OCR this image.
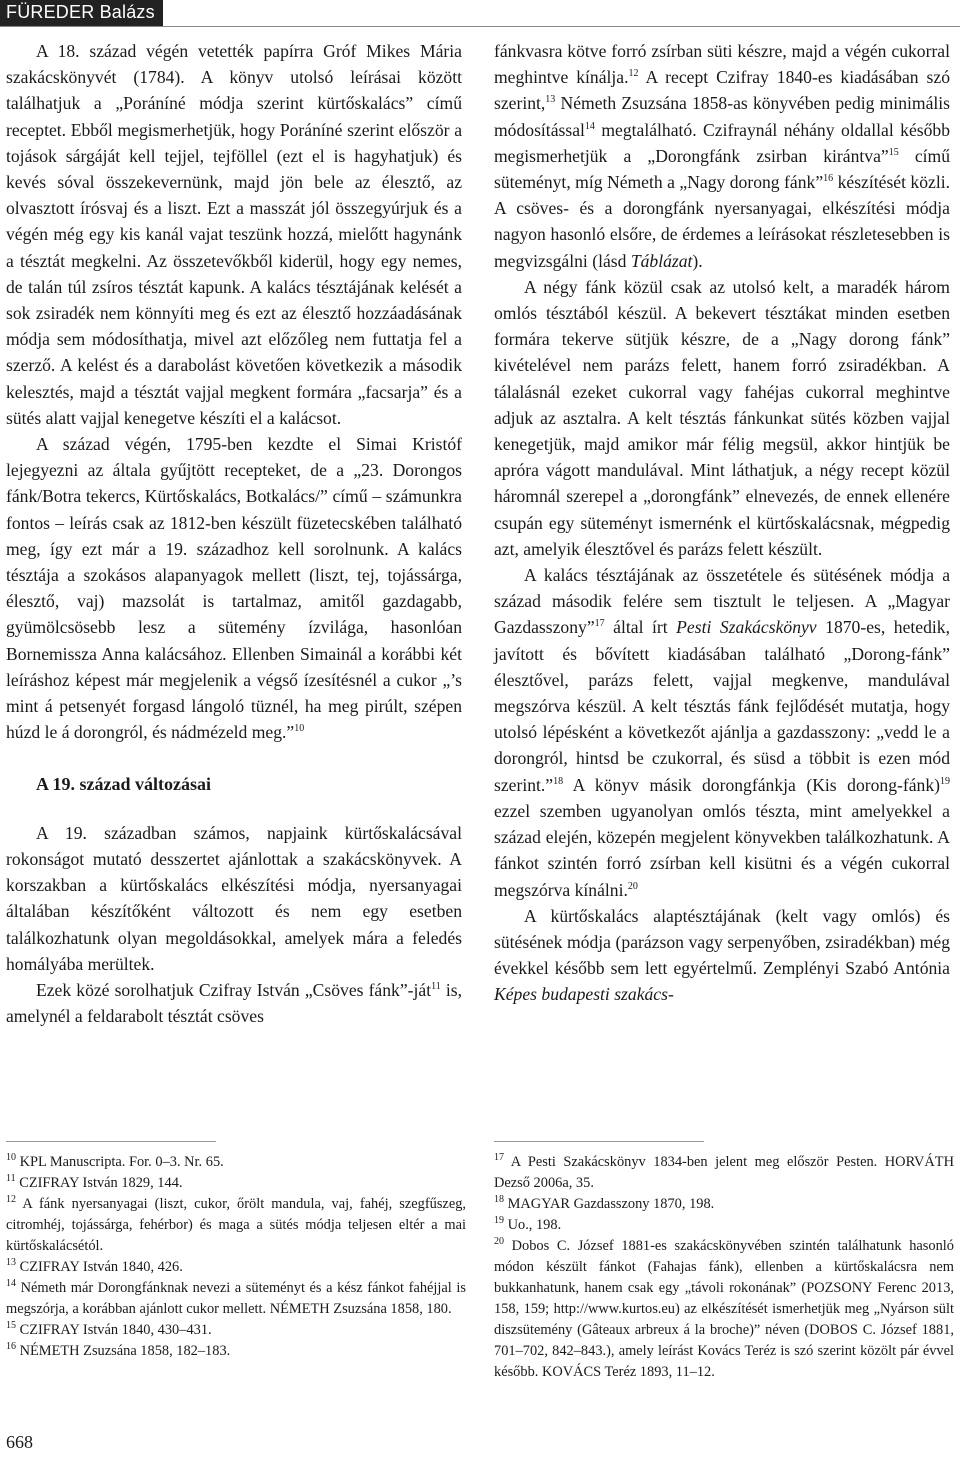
FÜREDER Balázs

A 18. század végén vetették papírra Gróf Mikes Mária szakácskönyvét (1784). A könyv utolsó leírásai között találhatjuk a „Poráníné módja szerint kürtőskalács” című receptet. Ebből megismerhetjük, hogy Poráníné szerint először a tojások sárgáját kell tejjel, tejföllel (ezt el is hagyhatjuk) és kevés sóval összekevernünk, majd jön bele az élesztő, az olvasztott írósvaj és a liszt. Ezt a masszát jól összegyúrjuk és a végén még egy kis kanál vajat teszünk hozzá, mielőtt hagynánk a tésztát megkelni. Az összetevőkből kiderül, hogy egy nemes, de talán túl zsíros tésztát kapunk. A kalács tésztájának kelését a sok zsiradék nem könnyíti meg és ezt az élesztő hozzáadásának módja sem módosíthatja, mivel azt előzőleg nem futtatja fel a szerző. A kelést és a darabolást követően következik a második kelesztés, majd a tésztát vajjal megkent formára „facsarja” és a sütés alatt vajjal kenegetve készíti el a kalácsot.

A század végén, 1795-ben kezdte el Simai Kristóf lejegyezni az általa gyűjtött recepteket, de a „23. Dorongos fánk/Botra tekercs, Kürtőskalács, Botkalács/” című – számunkra fontos – leírás csak az 1812-ben készült füzetecskében található meg, így ezt már a 19. századhoz kell sorolnunk. A kalács tésztája a szokásos alapanyagok mellett (liszt, tej, tojássárga, élesztő, vaj) mazsolát is tartalmaz, amitől gazdagabb, gyümölcsösebb lesz a sütemény ízvilága, hasonlóan Bornemissza Anna kalácsához. Ellenben Simainál a korábbi két leíráshoz képest már megjelenik a végső ízesítésnél a cukor „’s mint á petsenyét forgasd lángoló tüznél, ha meg pirúlt, szépen húzd le á dorongról, és nádmézeld meg.”$^{10}$

A 19. század változásai

A 19. században számos, napjaink kürtőskalácsával rokonságot mutató desszertet ajánlottak a szakácskönyvek. A korszakban a kürtőskalács elkészítési módja, nyersanyagai általában készítőként változott és nem egy esetben találkozhatunk olyan megoldásokkal, amelyek mára a feledés homályába merültek.

Ezek közé sorolhatjuk Czifray István „Csöves fánk”-ját$^{11}$ is, amelynél a feldarabolt tésztát csöves

fánkvasra kötve forró zsírban süti készre, majd a végén cukorral meghintve kínálja.$^{12}$ A recept Czifray 1840-es kiadásában szó szerint,$^{13}$ Németh Zsuzsána 1858-as könyvében pedig minimális módosítással$^{14}$ megtalálható. Czifraynál néhány oldallal később megismerhetjük a „Dorongfánk zsirban kirántva”$^{15}$ című süteményt, míg Németh a „Nagy dorong fánk”$^{16}$ készítését közli. A csöves- és a dorongfánk nyersanyagai, elkészítési módja nagyon hasonló elsőre, de érdemes a leírásokat részletesebben is megvizsgálni (lásd Táblázat).

A négy fánk közül csak az utolsó kelt, a maradék három omlós tésztából készül. A bekevert tésztákat minden esetben formára tekerve sütjük készre, de a „Nagy dorong fánk” kivételével nem parázs felett, hanem forró zsiradékban. A tálalásnál ezeket cukorral vagy fahéjas cukorral meghintve adjuk az asztalra. A kelt tésztás fánkunkat sütés közben vajjal kenegetjük, majd amikor már félig megsül, akkor hintjük be apróra vágott mandulával. Mint láthatjuk, a négy recept közül háromnál szerepel a „dorongfánk” elnevezés, de ennek ellenére csupán egy süteményt ismernénk el kürtőskalácsnak, mégpedig azt, amelyik élesztővel és parázs felett készült.

A kalács tésztájának az összetétele és sütésének módja a század második felére sem tisztult le teljesen. A „Magyar Gazdasszony”$^{17}$ által írt Pesti Szakácskönyv 1870-es, hetedik, javított és bővített kiadásában található „Dorong-fánk” élesztővel, parázs felett, vajjal megkenve, mandulával megszórva készül. A kelt tésztás fánk fejlődését mutatja, hogy utolsó lépésként a következőt ajánlja a gazdasszony: „vedd le a dorongról, hintsd be czukorral, és süsd a többit is ezen mód szerint.”$^{18}$ A könyv másik dorongfánkja (Kis dorong-fánk)$^{19}$ ezzel szemben ugyanolyan omlós tészta, mint amelyekkel a század elején, közepén megjelent könyvekben találkozhatunk. A fánkot szintén forró zsírban kell kisütni és a végén cukorral megszórva kínálni.$^{20}$

A kürtőskalács alaptésztájának (kelt vagy omlós) és sütésének módja (parázson vagy serpenyőben, zsiradékban) még évekkel később sem lett egyértelmű. Zemplényi Szabó Antónia Képes budapesti szakács-

$^{10}$ KPL Manuscripta. For. 0–3. Nr. 65.

$^{11}$ CZIFRAY István 1829, 144.

$^{12}$ A fánk nyersanyagai (liszt, cukor, őrölt mandula, vaj, fahéj, szegfűszeg, citromhéj, tojássárga, fehérbor) és maga a sütés módja teljesen eltér a mai kürtőskalácsétól.

$^{13}$ CZIFRAY István 1840, 426.

$^{14}$ Németh már Dorongfánknak nevezi a süteményt és a kész fánkot fahéjjal is megszórja, a korábban ajánlott cukor mellett. NÉMETH Zsuzsána 1858, 180.

$^{15}$ CZIFRAY István 1840, 430–431.

$^{16}$ NÉMETH Zsuzsána 1858, 182–183.

$^{17}$ A Pesti Szakácskönyv 1834-ben jelent meg először Pesten. HORVÁTH Dezső 2006a, 35.

$^{18}$ MAGYAR Gazdasszony 1870, 198.

$^{19}$ Uo., 198.

$^{20}$ Dobos C. József 1881-es szakácskönyvében szintén találhatunk hasonló módon készült fánkot (Fahajas fánk), ellenben a kürtőskalácsra nem bukkanhatunk, hanem csak egy „távoli rokonának” (POZSONY Ferenc 2013, 158, 159; http://www.kurtos.eu) az elkészítését ismerhetjük meg „Nyárson sült diszsütemény (Gâteaux arbreux á la broche)” néven (DOBOS C. József 1881, 701–702, 842–843.), amely leírást Kovács Teréz is szó szerint közölt pár évvel később. KOVÁCS Teréz 1893, 11–12.

668
